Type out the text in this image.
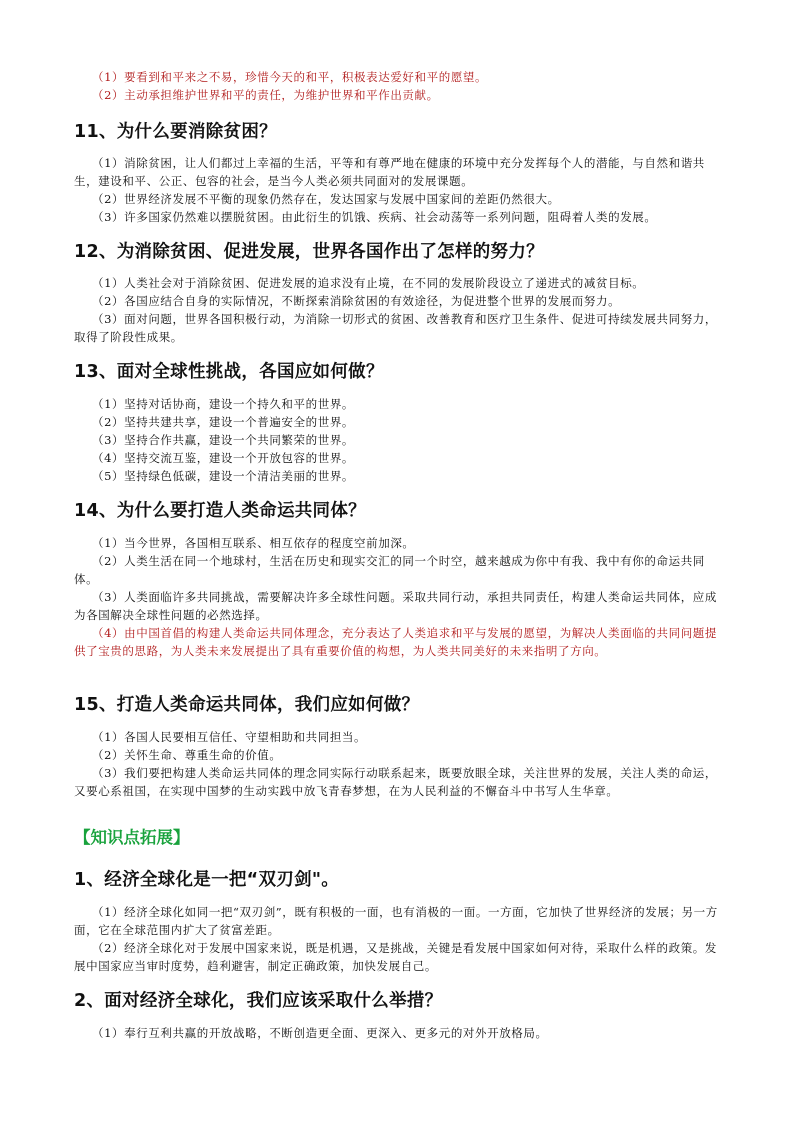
（1）要看到和平来之不易，珍惜今天的和平，积极表达爱好和平的愿望。
（2）主动承担维护世界和平的责任，为维护世界和平作出贡献。
11、为什么要消除贫困？
（1）消除贫困，让人们都过上幸福的生活，平等和有尊严地在健康的环境中充分发挥每个人的潜能，与自然和谐共生，建设和平、公正、包容的社会，是当今人类必须共同面对的发展课题。
（2）世界经济发展不平衡的现象仍然存在，发达国家与发展中国家间的差距仍然很大。
（3）许多国家仍然难以摆脱贫困。由此衍生的饥饿、疾病、社会动荡等一系列问题，阻碍着人类的发展。
12、为消除贫困、促进发展，世界各国作出了怎样的努力？
（1）人类社会对于消除贫困、促进发展的追求没有止境，在不同的发展阶段设立了递进式的减贫目标。
（2）各国应结合自身的实际情况，不断探索消除贫困的有效途径，为促进整个世界的发展而努力。
（3）面对问题，世界各国积极行动，为消除一切形式的贫困、改善教育和医疗卫生条件、促进可持续发展共同努力，取得了阶段性成果。
13、面对全球性挑战，各国应如何做？
（1）坚持对话协商，建设一个持久和平的世界。
（2）坚持共建共享，建设一个普遍安全的世界。
（3）坚持合作共赢，建设一个共同繁荣的世界。
（4）坚持交流互鉴，建设一个开放包容的世界。
（5）坚持绿色低碳，建设一个清洁美丽的世界。
14、为什么要打造人类命运共同体？
（1）当今世界，各国相互联系、相互依存的程度空前加深。
（2）人类生活在同一个地球村，生活在历史和现实交汇的同一个时空，越来越成为你中有我、我中有你的命运共同体。
（3）人类面临许多共同挑战，需要解决许多全球性问题。采取共同行动，承担共同责任，构建人类命运共同体，应成为各国解决全球性问题的必然选择。
（4）由中国首倡的构建人类命运共同体理念，充分表达了人类追求和平与发展的愿望，为解决人类面临的共同问题提供了宝贵的思路，为人类未来发展提出了具有重要价值的构想，为人类共同美好的未来指明了方向。
15、打造人类命运共同体，我们应如何做？
（1）各国人民要相互信任、守望相助和共同担当。
（2）关怀生命、尊重生命的价值。
（3）我们要把构建人类命运共同体的理念同实际行动联系起来，既要放眼全球，关注世界的发展，关注人类的命运，又要心系祖国，在实现中国梦的生动实践中放飞青春梦想，在为人民利益的不懈奋斗中书写人生华章。
【知识点拓展】
1、经济全球化是一把“双刃剑"。
（1）经济全球化如同一把“双刃剑”，既有积极的一面，也有消极的一面。一方面，它加快了世界经济的发展；另一方面，它在全球范围内扩大了贫富差距。
（2）经济全球化对于发展中国家来说，既是机遇，又是挑战，关键是看发展中国家如何对待，采取什么样的政策。发展中国家应当审时度势，趋利避害，制定正确政策，加快发展自己。
2、面对经济全球化，我们应该采取什么举措？
（1）奉行互利共赢的开放战略，不断创造更全面、更深入、更多元的对外开放格局。
